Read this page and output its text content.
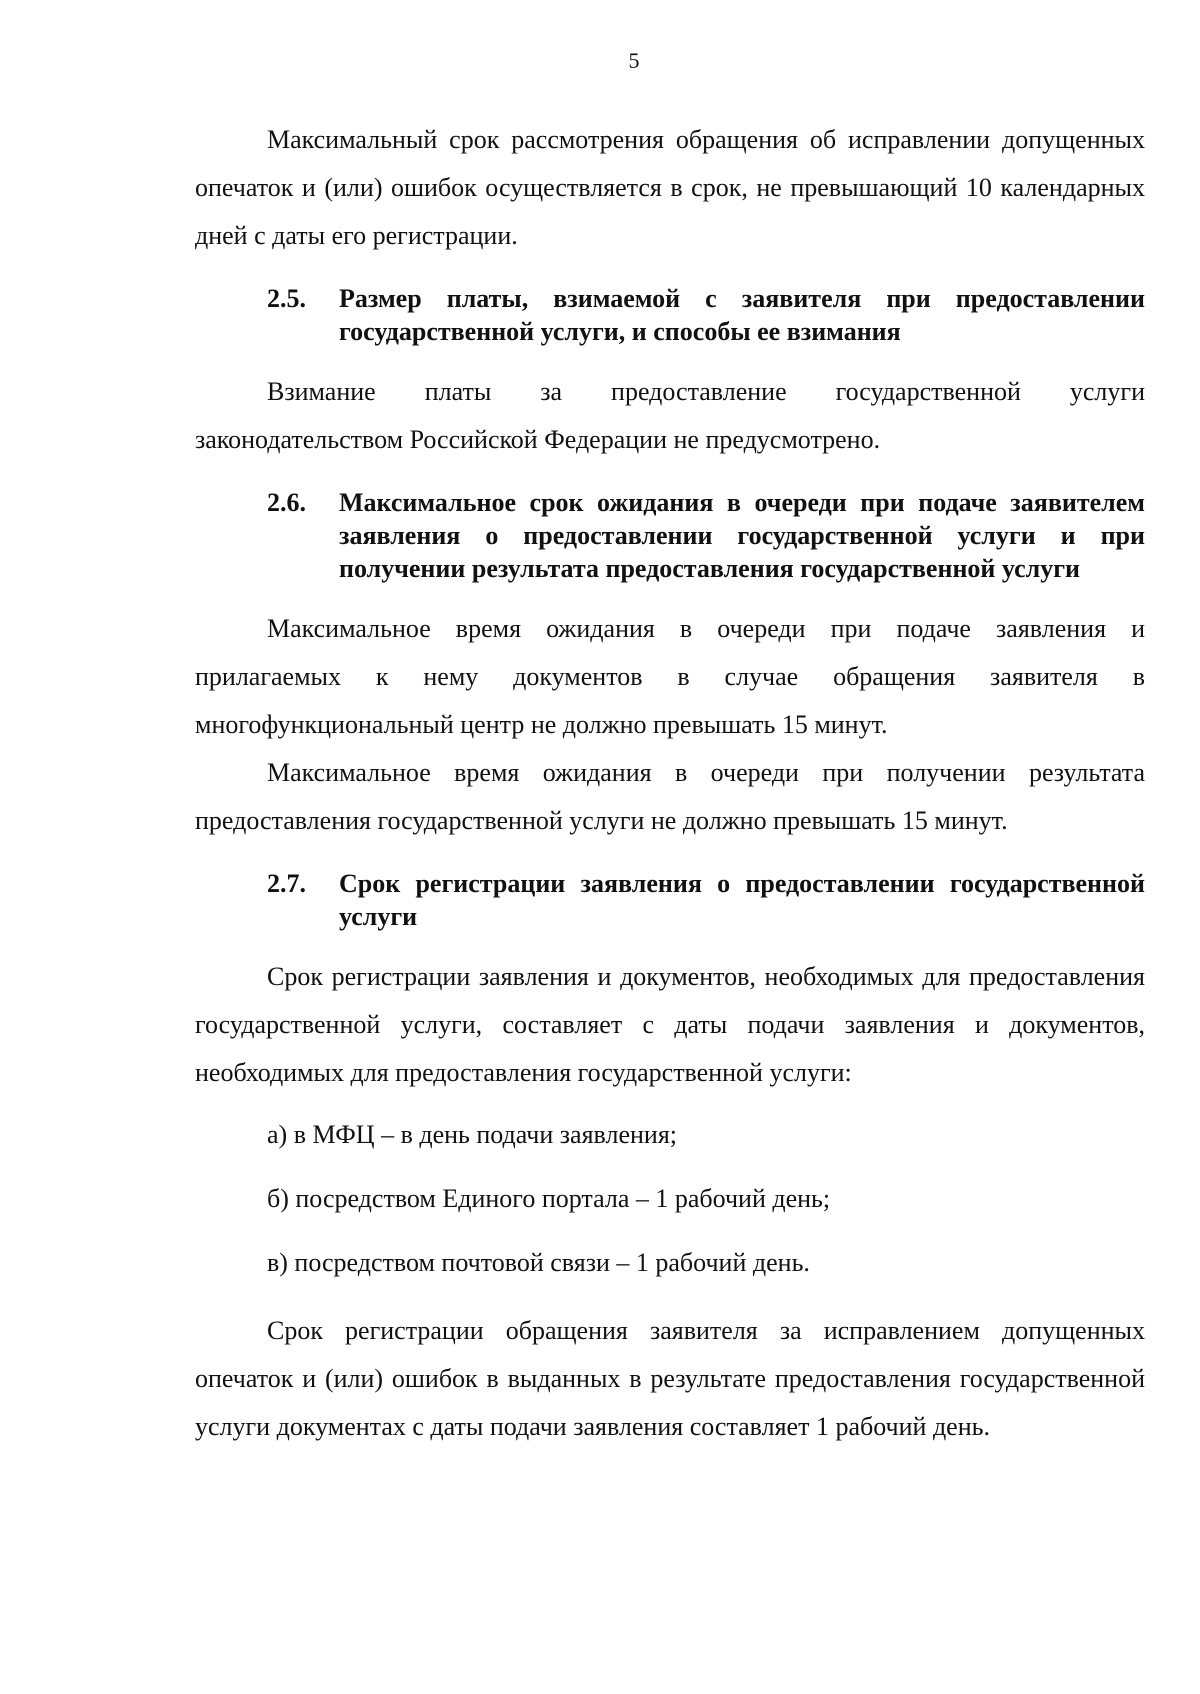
5

Максимальный срок рассмотрения обращения об исправлении допущенных опечаток и (или) ошибок осуществляется в срок, не превышающий 10 календарных дней с даты его регистрации.

2.5.	Размер платы, взимаемой с заявителя при предоставлении государственной услуги, и способы ее взимания

Взимание платы за предоставление государственной услуги законодательством Российской Федерации не предусмотрено.

2.6.	Максимальное срок ожидания в очереди при подаче заявителем заявления о предоставлении государственной услуги и при получении результата предоставления государственной услуги

Максимальное время ожидания в очереди при подаче заявления и прилагаемых к нему документов в случае обращения заявителя в многофункциональный центр не должно превышать 15 минут.

Максимальное время ожидания в очереди при получении результата предоставления государственной услуги не должно превышать 15 минут.

2.7.	Срок регистрации заявления о предоставлении государственной услуги

Срок регистрации заявления и документов, необходимых для предоставления государственной услуги, составляет с даты подачи заявления и документов, необходимых для предоставления государственной услуги:

а) в МФЦ – в день подачи заявления;

б) посредством Единого портала – 1 рабочий день;

в) посредством почтовой связи – 1 рабочий день.

Срок регистрации обращения заявителя за исправлением допущенных опечаток и (или) ошибок в выданных в результате предоставления государственной услуги документах с даты подачи заявления составляет 1 рабочий день.
